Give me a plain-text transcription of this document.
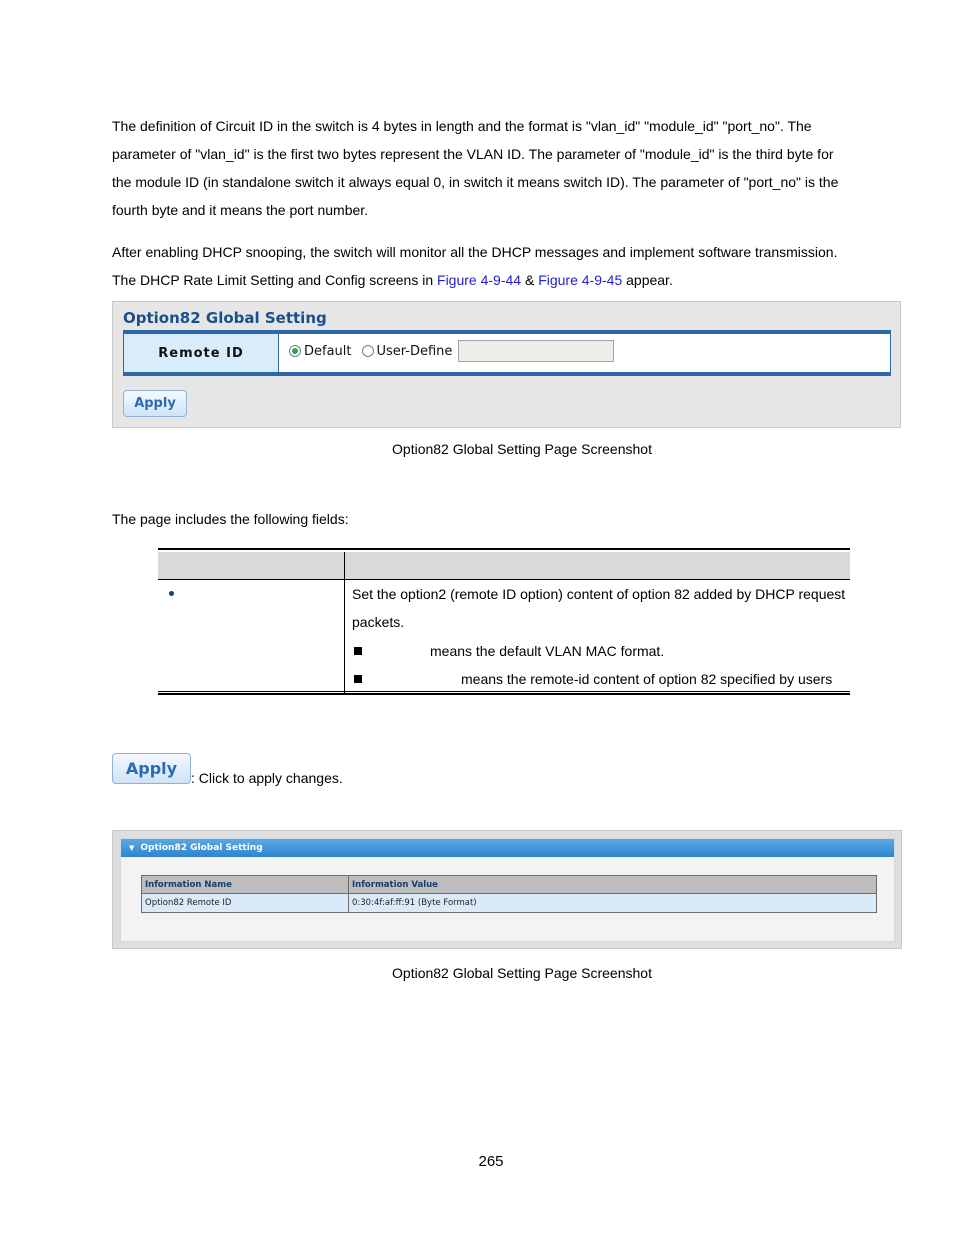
The definition of Circuit ID in the switch is 4 bytes in length and the format is "vlan_id" "module_id" "port_no". The parameter of "vlan_id" is the first two bytes represent the VLAN ID. The parameter of "module_id" is the third byte for the module ID (in standalone switch it always equal 0, in switch it means switch ID). The parameter of "port_no" is the fourth byte and it means the port number.

After enabling DHCP snooping, the switch will monitor all the DHCP messages and implement software transmission. The DHCP Rate Limit Setting and Config screens in Figure 4-9-44 & Figure 4-9-45 appear.

Option82 Global Setting
Remote ID	Default User-Define
Apply
Option82 Global Setting Page Screenshot

The page includes the following fields:

Set the option2 (remote ID option) content of option 82 added by DHCP request packets.
means the default VLAN MAC format.
means the remote-id content of option 82 specified by users
Apply : Click to apply changes.
▼ Option82 Global Setting
Information Name	Information Value
Option82 Remote ID	0:30:4f:af:ff:91 (Byte Format)
Option82 Global Setting Page Screenshot
265
